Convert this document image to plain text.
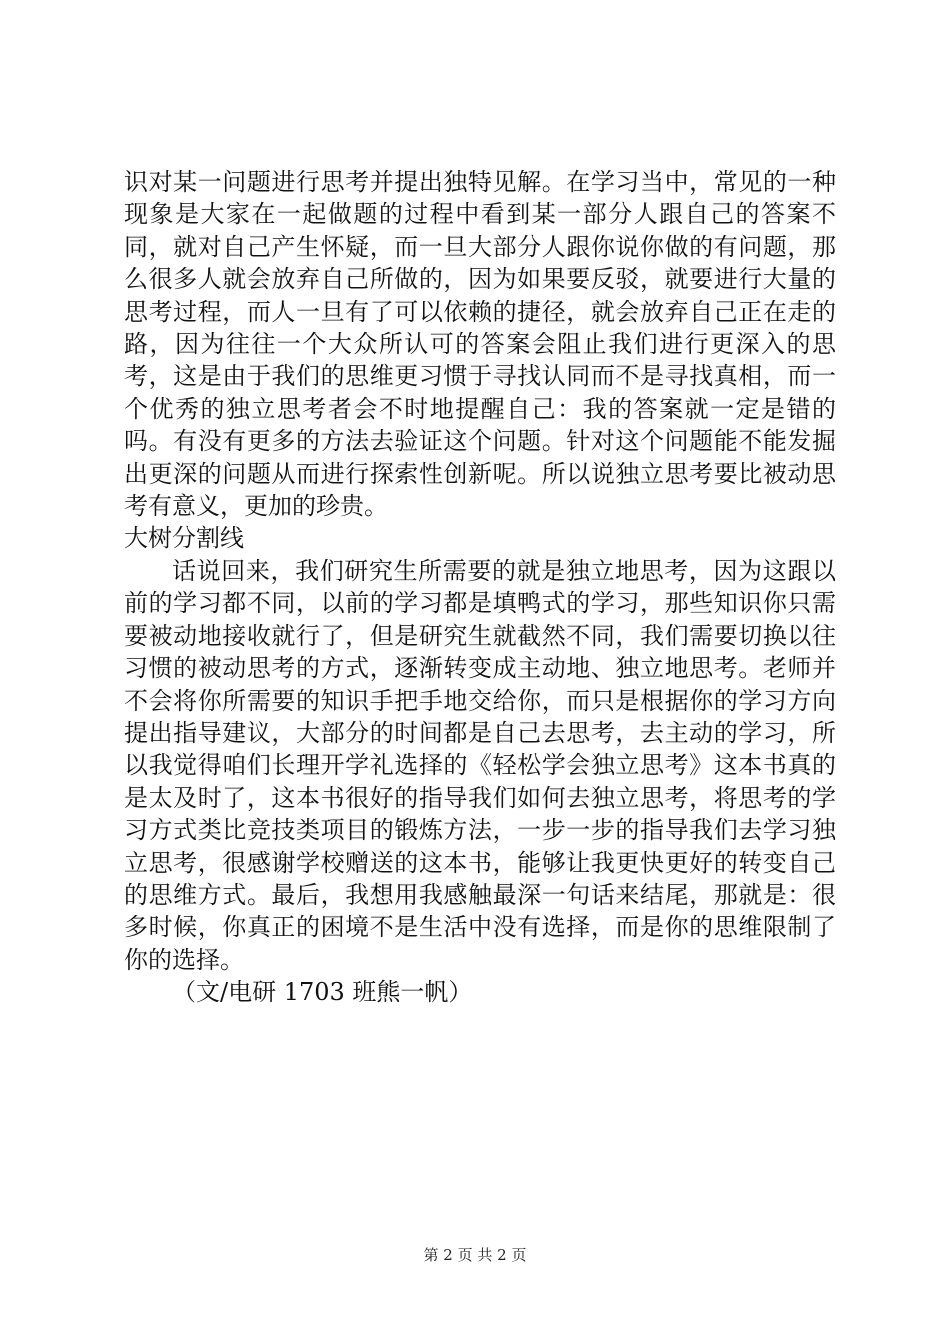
识对某一问题进行思考并提出独特见解。在学习当中，常见的一种现象是大家在一起做题的过程中看到某一部分人跟自己的答案不同，就对自己产生怀疑，而一旦大部分人跟你说你做的有问题，那么很多人就会放弃自己所做的，因为如果要反驳，就要进行大量的思考过程，而人一旦有了可以依赖的捷径，就会放弃自己正在走的路，因为往往一个大众所认可的答案会阻止我们进行更深入的思考，这是由于我们的思维更习惯于寻找认同而不是寻找真相，而一个优秀的独立思考者会不时地提醒自己：我的答案就一定是错的吗。有没有更多的方法去验证这个问题。针对这个问题能不能发掘出更深的问题从而进行探索性创新呢。所以说独立思考要比被动思考有意义，更加的珍贵。

大树分割线

话说回来，我们研究生所需要的就是独立地思考，因为这跟以前的学习都不同，以前的学习都是填鸭式的学习，那些知识你只需要被动地接收就行了，但是研究生就截然不同，我们需要切换以往习惯的被动思考的方式，逐渐转变成主动地、独立地思考。老师并不会将你所需要的知识手把手地交给你，而只是根据你的学习方向提出指导建议，大部分的时间都是自己去思考，去主动的学习，所以我觉得咱们长理开学礼选择的《轻松学会独立思考》这本书真的是太及时了，这本书很好的指导我们如何去独立思考，将思考的学习方式类比竞技类项目的锻炼方法，一步一步的指导我们去学习独立思考，很感谢学校赠送的这本书，能够让我更快更好的转变自己的思维方式。最后，我想用我感触最深一句话来结尾，那就是：很多时候，你真正的困境不是生活中没有选择，而是你的思维限制了你的选择。

（文/电研 1703 班熊一帆）

第 2 页 共 2 页
